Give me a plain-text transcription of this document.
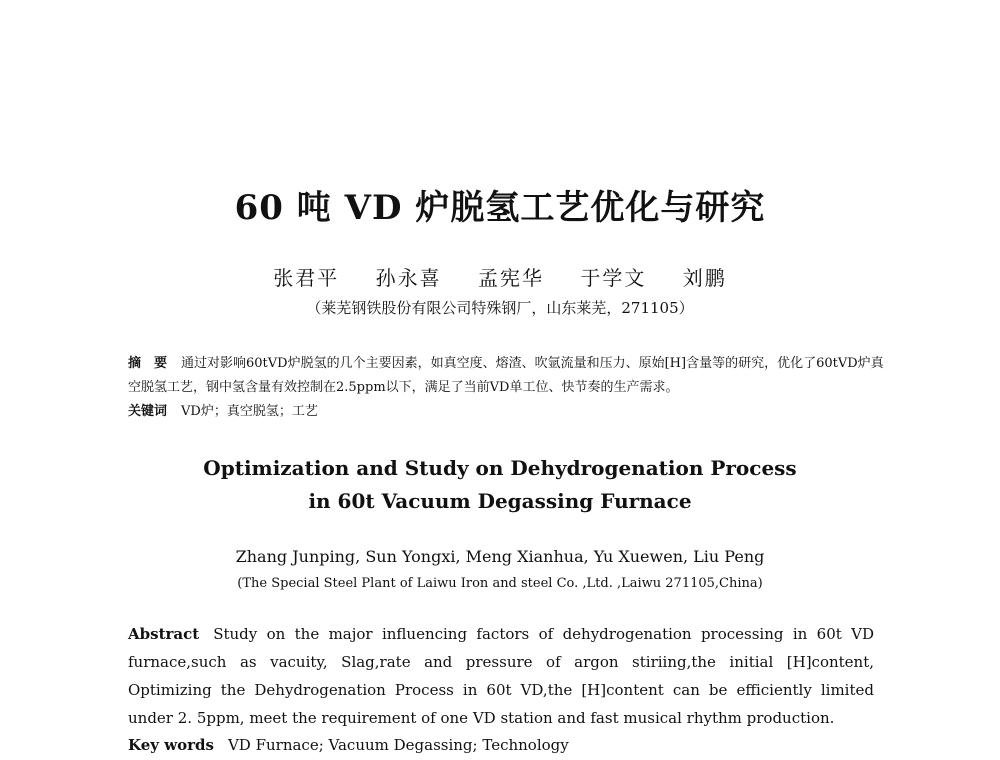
60 吨 VD 炉脱氢工艺优化与研究
张君平 孙永喜 孟宪华 于学文 刘鹏
（莱芜钢铁股份有限公司特殊钢厂，山东莱芜，271105）
摘　要 通过对影响60tVD炉脱氢的几个主要因素，如真空度、熔渣、吹氩流量和压力、原始[H]含量等的研究，优化了60tVD炉真空脱氢工艺，钢中氢含量有效控制在2.5ppm以下，满足了当前VD单工位、快节奏的生产需求。
关键词 VD炉；真空脱氢；工艺
Optimization and Study on Dehydrogenation Process
in 60t Vacuum Degassing Furnace
Zhang Junping, Sun Yongxi, Meng Xianhua, Yu Xuewen, Liu Peng
(The Special Steel Plant of Laiwu Iron and steel Co. ,Ltd. ,Laiwu 271105,China)
Abstract Study on the major influencing factors of dehydrogenation processing in 60t VD furnace,such as vacuity, Slag,rate and pressure of argon stiriing,the initial [H]content, Optimizing the Dehydrogenation Process in 60t VD,the [H]content can be efficiently limited under 2. 5ppm, meet the requirement of one VD station and fast musical rhythm production.
Key words VD Furnace; Vacuum Degassing; Technology
